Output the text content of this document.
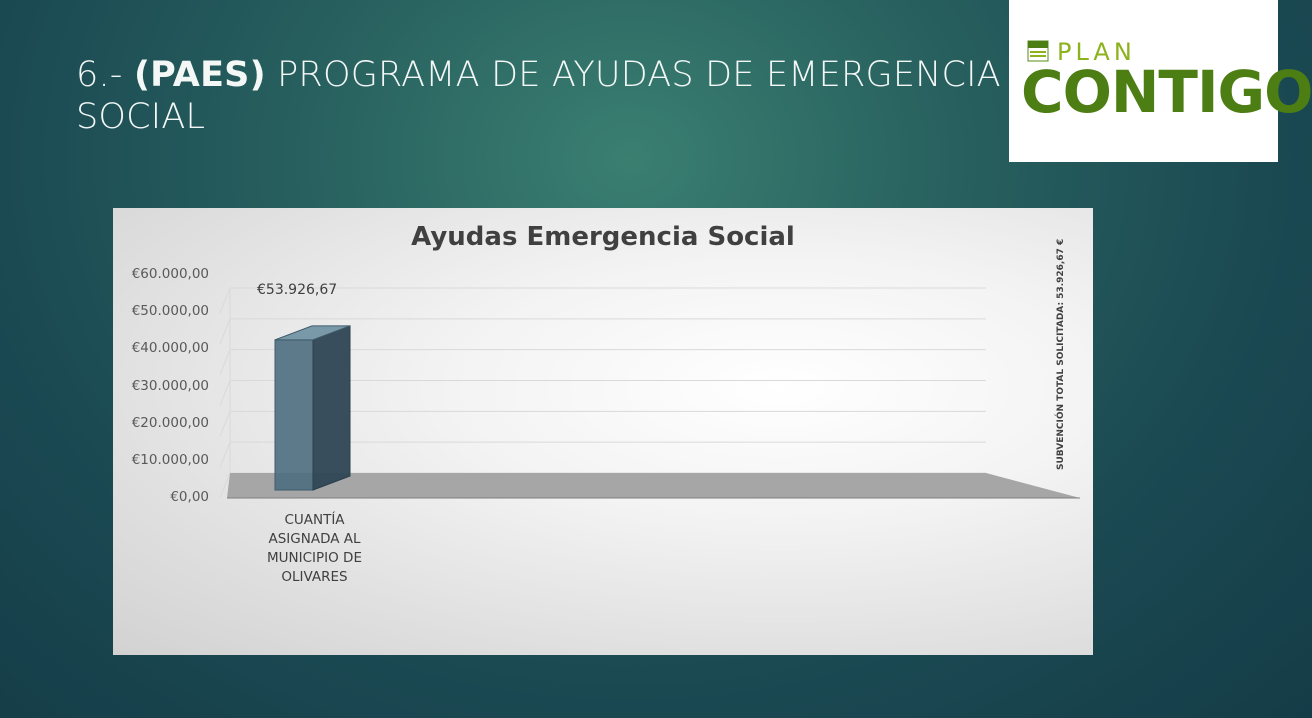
6.- (PAES) PROGRAMA DE AYUDAS DE EMERGENCIA SOCIAL
PLAN
CONTIGO
Ayudas Emergencia Social
€53.926,67
CUANTÍA ASIGNADA AL MUNICIPIO DE OLIVARES
SUBVENCIÓN TOTAL SOLICITADA: 53.926,67 €
€0,00
€10.000,00
€20.000,00
€30.000,00
€40.000,00
€50.000,00
€60.000,00
